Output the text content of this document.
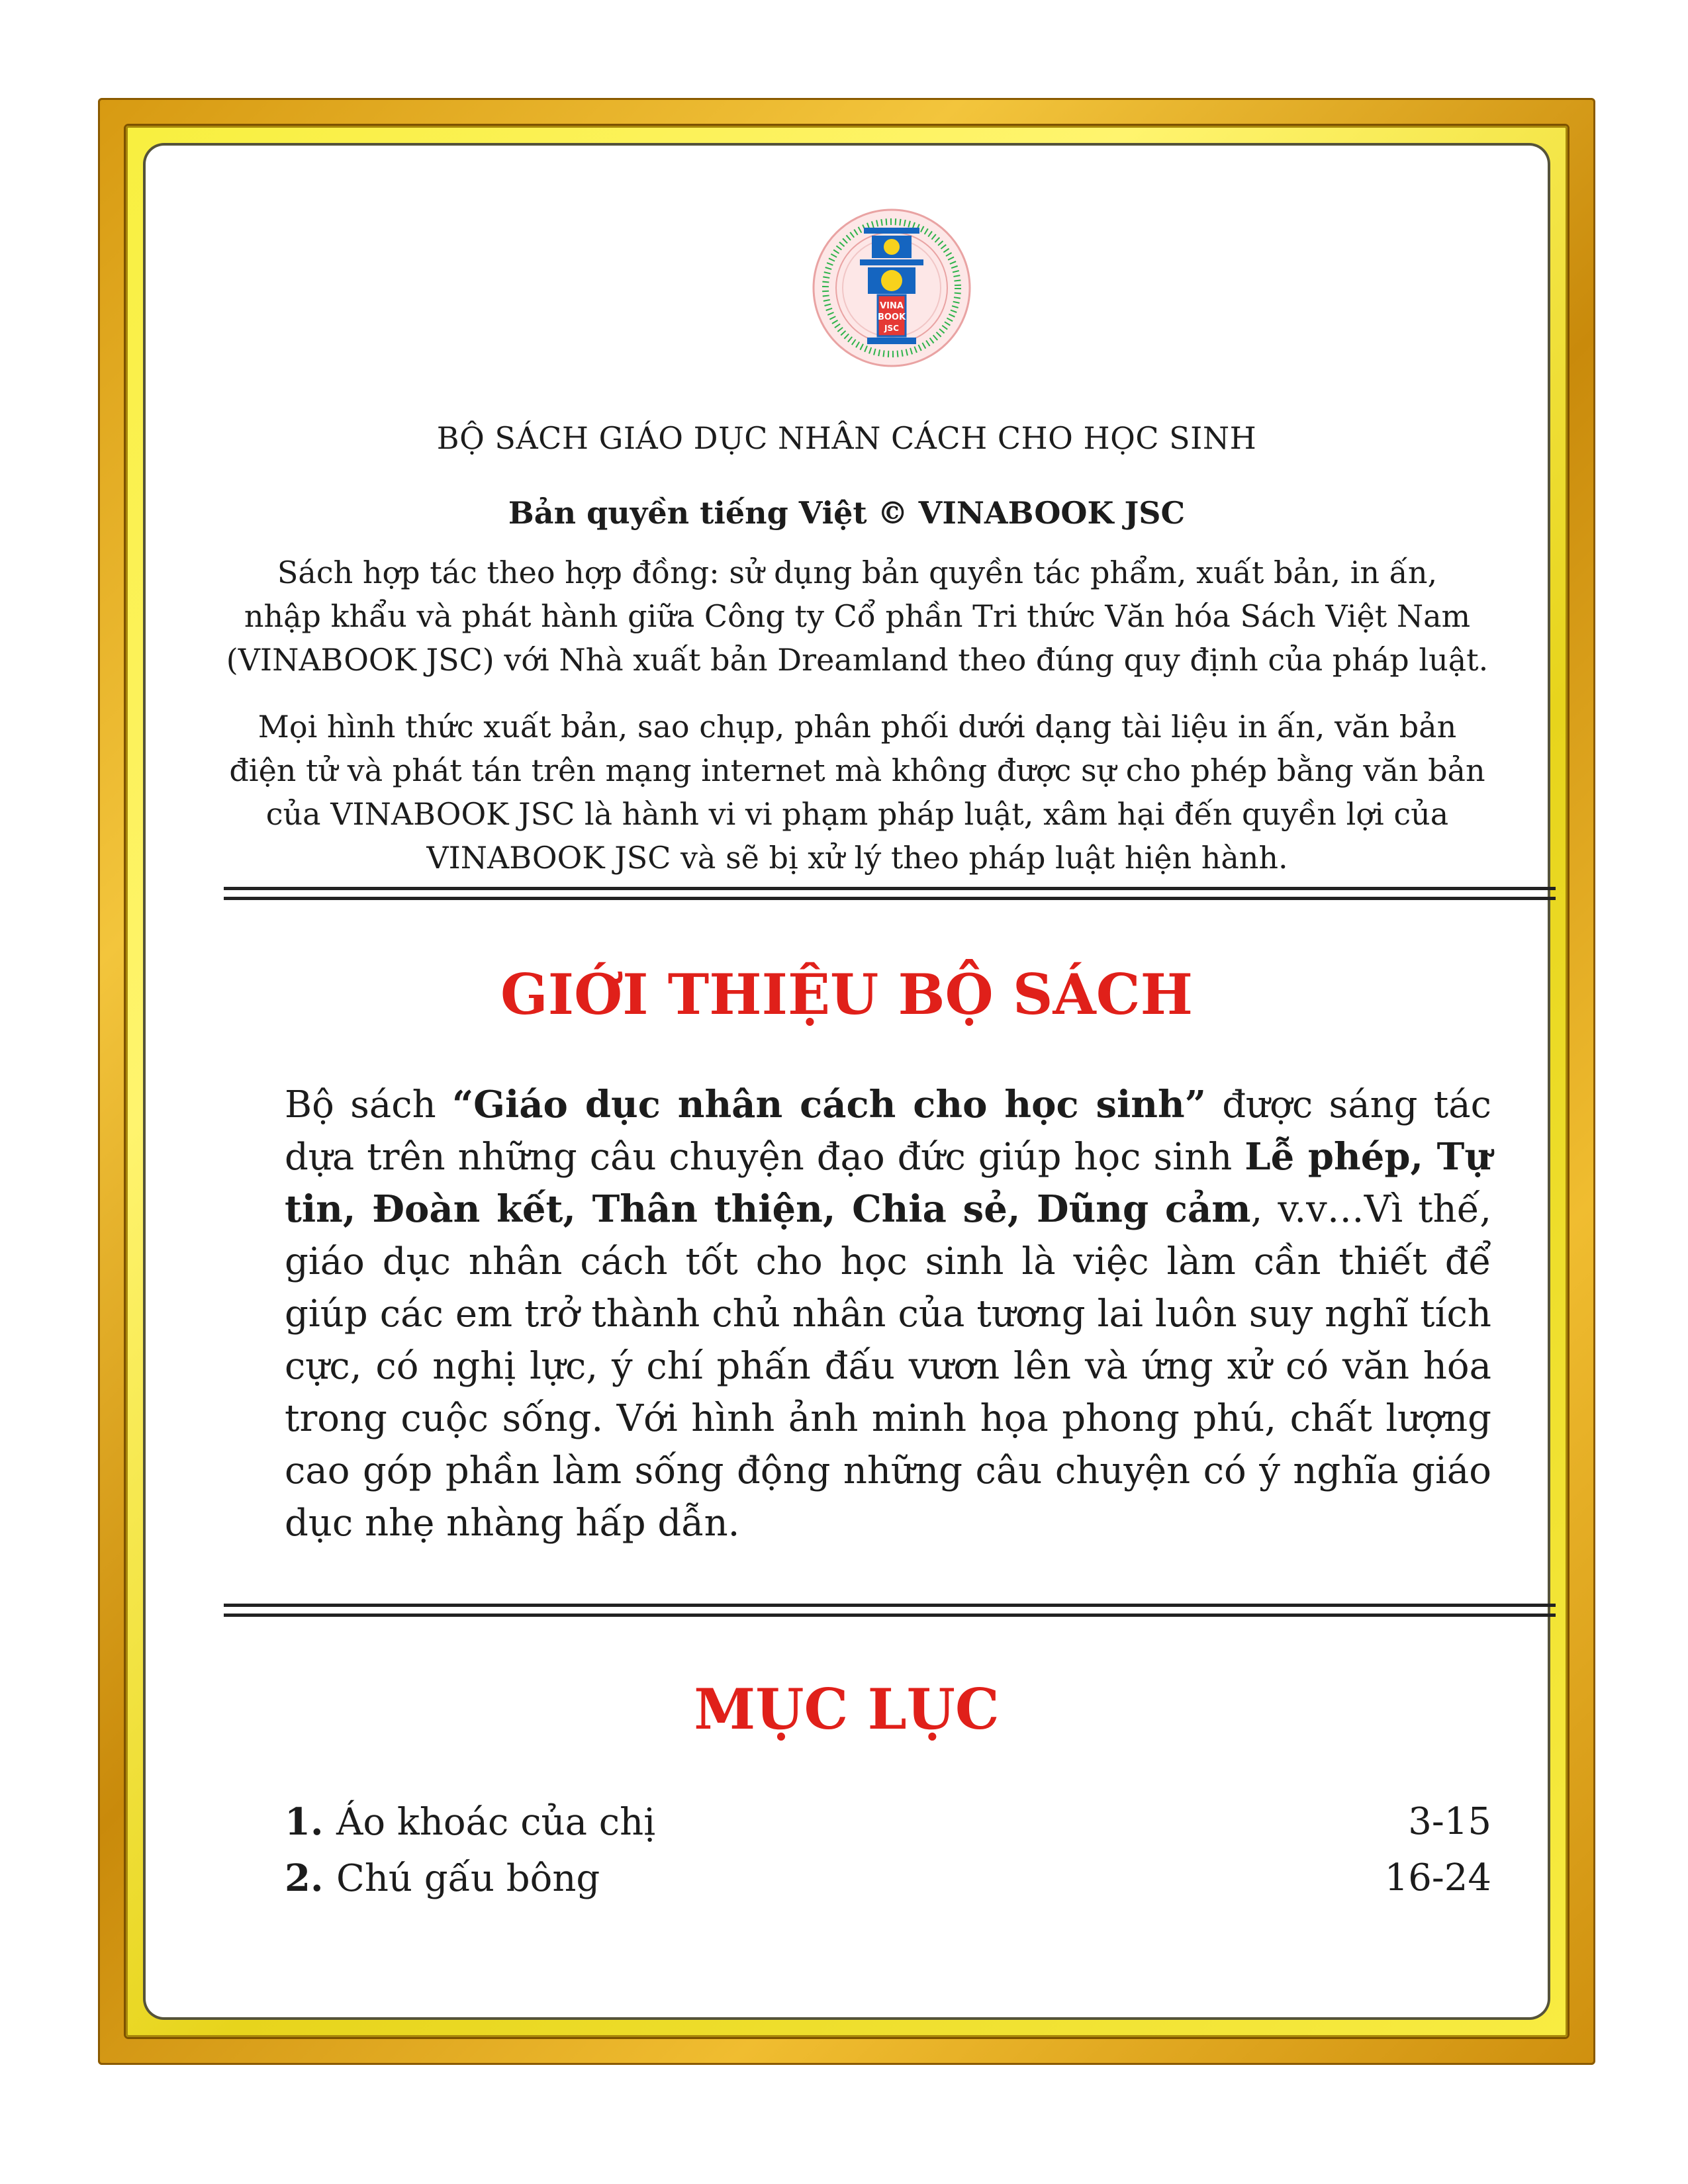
VINA
BOOK
JSC
BỘ SÁCH GIÁO DỤC NHÂN CÁCH CHO HỌC SINH
Bản quyền tiếng Việt © VINABOOK JSC
Sách hợp tác theo hợp đồng: sử dụng bản quyền tác phẩm, xuất bản, in ấn,
nhập khẩu và phát hành giữa Công ty Cổ phần Tri thức Văn hóa Sách Việt Nam
(VINABOOK JSC) với Nhà xuất bản Dreamland theo đúng quy định của pháp luật.
Mọi hình thức xuất bản, sao chụp, phân phối dưới dạng tài liệu in ấn, văn bản
điện tử và phát tán trên mạng internet mà không được sự cho phép bằng văn bản
của VINABOOK JSC là hành vi vi phạm pháp luật, xâm hại đến quyền lợi của
VINABOOK JSC và sẽ bị xử lý theo pháp luật hiện hành.
GIỚI THIỆU BỘ SÁCH
Bộ sách “Giáo dục nhân cách cho học sinh” được sáng tác dựa trên những câu chuyện đạo đức giúp học sinh Lễ phép, Tự tin, Đoàn kết, Thân thiện, Chia sẻ, Dũng cảm, v.v…Vì thế, giáo dục nhân cách tốt cho học sinh là việc làm cần thiết để giúp các em trở thành chủ nhân của tương lai luôn suy nghĩ tích cực, có nghị lực, ý chí phấn đấu vươn lên và ứng xử có văn hóa trong cuộc sống. Với hình ảnh minh họa phong phú, chất lượng cao góp phần làm sống động những câu chuyện có ý nghĩa giáo dục nhẹ nhàng hấp dẫn.
MỤC LỤC
1. Áo khoác của chị	3-15
2. Chú gấu bông	16-24
